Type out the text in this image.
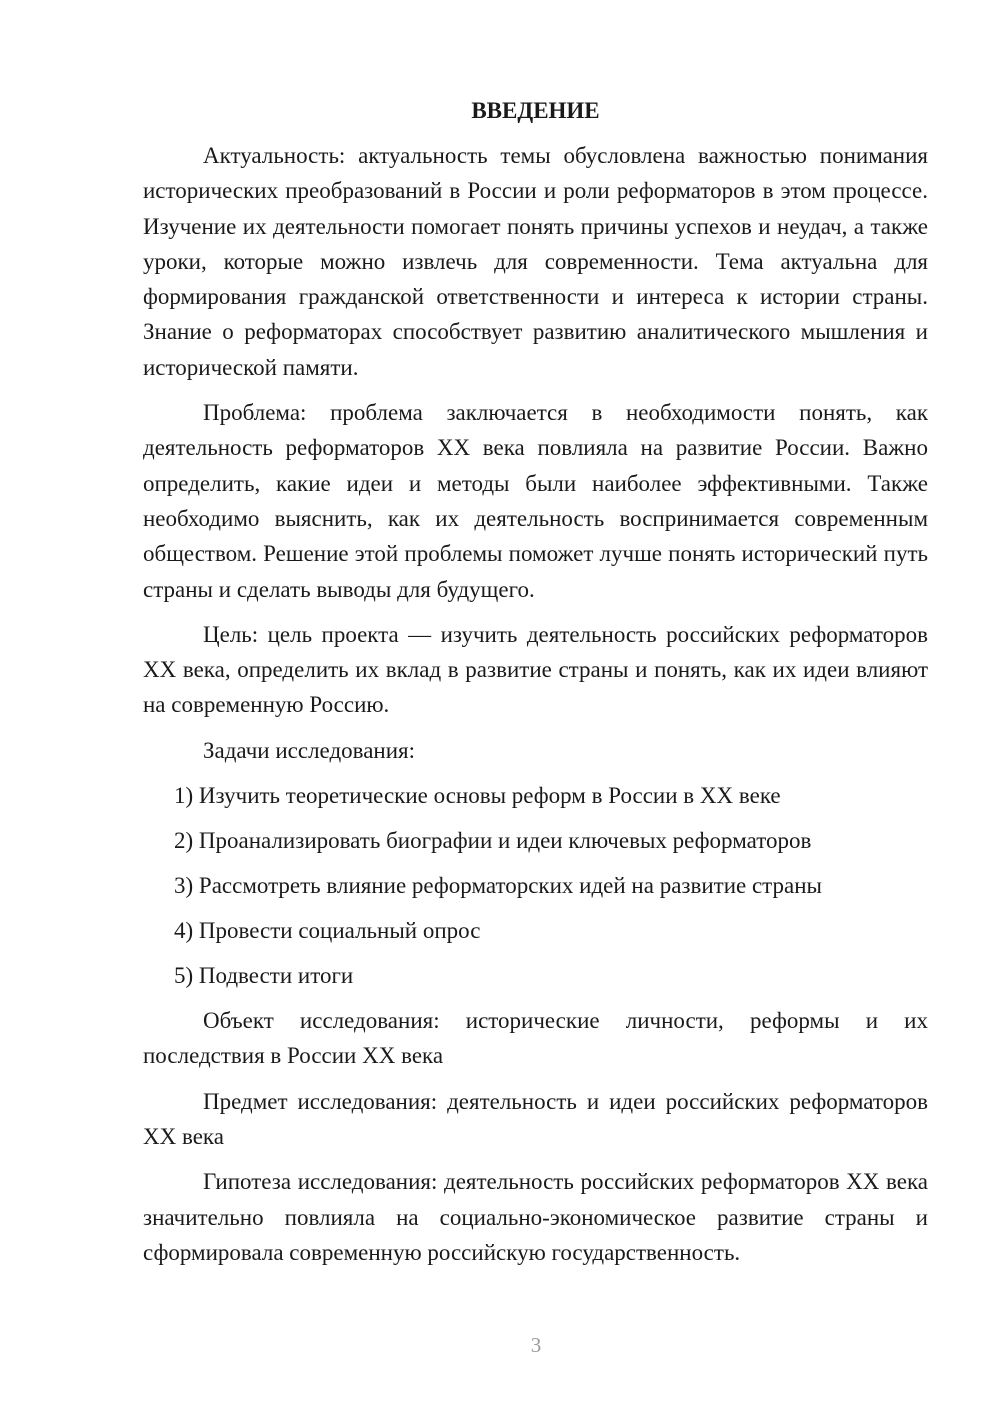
ВВЕДЕНИЕ

Актуальность: актуальность темы обусловлена важностью понимания исторических преобразований в России и роли реформаторов в этом процессе. Изучение их деятельности помогает понять причины успехов и неудач, а также уроки, которые можно извлечь для современности. Тема актуальна для формирования гражданской ответственности и интереса к истории страны. Знание о реформаторах способствует развитию аналитического мышления и исторической памяти.

Проблема: проблема заключается в необходимости понять, как деятельность реформаторов XX века повлияла на развитие России. Важно определить, какие идеи и методы были наиболее эффективными. Также необходимо выяснить, как их деятельность воспринимается современным обществом. Решение этой проблемы поможет лучше понять исторический путь страны и сделать выводы для будущего.

Цель: цель проекта — изучить деятельность российских реформаторов XX века, определить их вклад в развитие страны и понять, как их идеи влияют на современную Россию.

Задачи исследования:

1) Изучить теоретические основы реформ в России в XX веке

2) Проанализировать биографии и идеи ключевых реформаторов

3) Рассмотреть влияние реформаторских идей на развитие страны

4) Провести социальный опрос

5) Подвести итоги

Объект исследования: исторические личности, реформы и их последствия в России XX века

Предмет исследования: деятельность и идеи российских реформаторов XX века

Гипотеза исследования: деятельность российских реформаторов XX века значительно повлияла на социально-экономическое развитие страны и сформировала современную российскую государственность.

3
